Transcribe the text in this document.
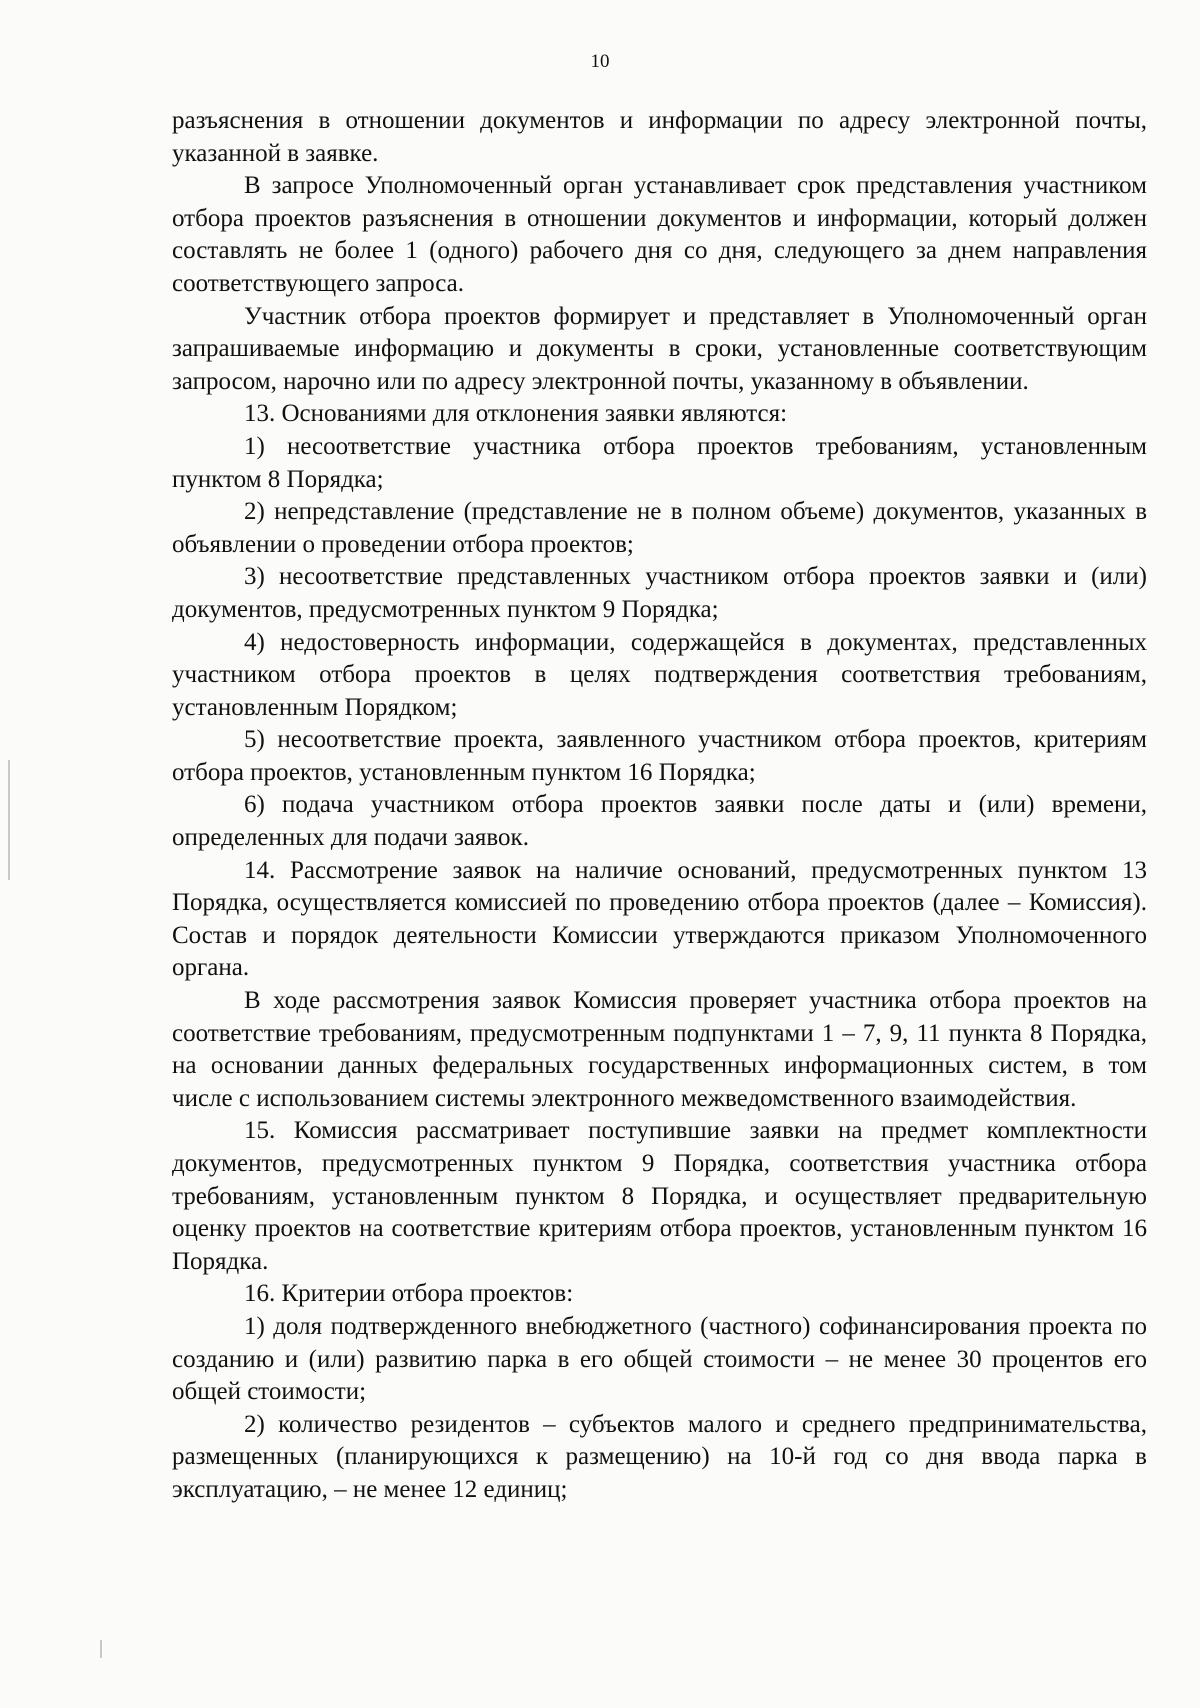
10

разъяснения в отношении документов и информации по адресу электронной почты, указанной в заявке.

В запросе Уполномоченный орган устанавливает срок представления участником отбора проектов разъяснения в отношении документов и информации, который должен составлять не более 1 (одного) рабочего дня со дня, следующего за днем направления соответствующего запроса.

Участник отбора проектов формирует и представляет в Уполномоченный орган запрашиваемые информацию и документы в сроки, установленные соответствующим запросом, нарочно или по адресу электронной почты, указанному в объявлении.

13. Основаниями для отклонения заявки являются:

1) несоответствие участника отбора проектов требованиям, установленным пунктом 8 Порядка;

2) непредставление (представление не в полном объеме) документов, указанных в объявлении о проведении отбора проектов;

3) несоответствие представленных участником отбора проектов заявки и (или) документов, предусмотренных пунктом 9 Порядка;

4) недостоверность информации, содержащейся в документах, представленных участником отбора проектов в целях подтверждения соответствия требованиям, установленным Порядком;

5) несоответствие проекта, заявленного участником отбора проектов, критериям отбора проектов, установленным пунктом 16 Порядка;

6) подача участником отбора проектов заявки после даты и (или) времени, определенных для подачи заявок.

14. Рассмотрение заявок на наличие оснований, предусмотренных пунктом 13 Порядка, осуществляется комиссией по проведению отбора проектов (далее – Комиссия). Состав и порядок деятельности Комиссии утверждаются приказом Уполномоченного органа.

В ходе рассмотрения заявок Комиссия проверяет участника отбора проектов на соответствие требованиям, предусмотренным подпунктами 1 – 7, 9, 11 пункта 8 Порядка, на основании данных федеральных государственных информационных систем, в том числе с использованием системы электронного межведомственного взаимодействия.

15. Комиссия рассматривает поступившие заявки на предмет комплектности документов, предусмотренных пунктом 9 Порядка, соответствия участника отбора требованиям, установленным пунктом 8 Порядка, и осуществляет предварительную оценку проектов на соответствие критериям отбора проектов, установленным пунктом 16 Порядка.

16. Критерии отбора проектов:

1) доля подтвержденного внебюджетного (частного) софинансирования проекта по созданию и (или) развитию парка в его общей стоимости – не менее 30 процентов его общей стоимости;

2) количество резидентов – субъектов малого и среднего предпринимательства, размещенных (планирующихся к размещению) на 10-й год со дня ввода парка в эксплуатацию, – не менее 12 единиц;
